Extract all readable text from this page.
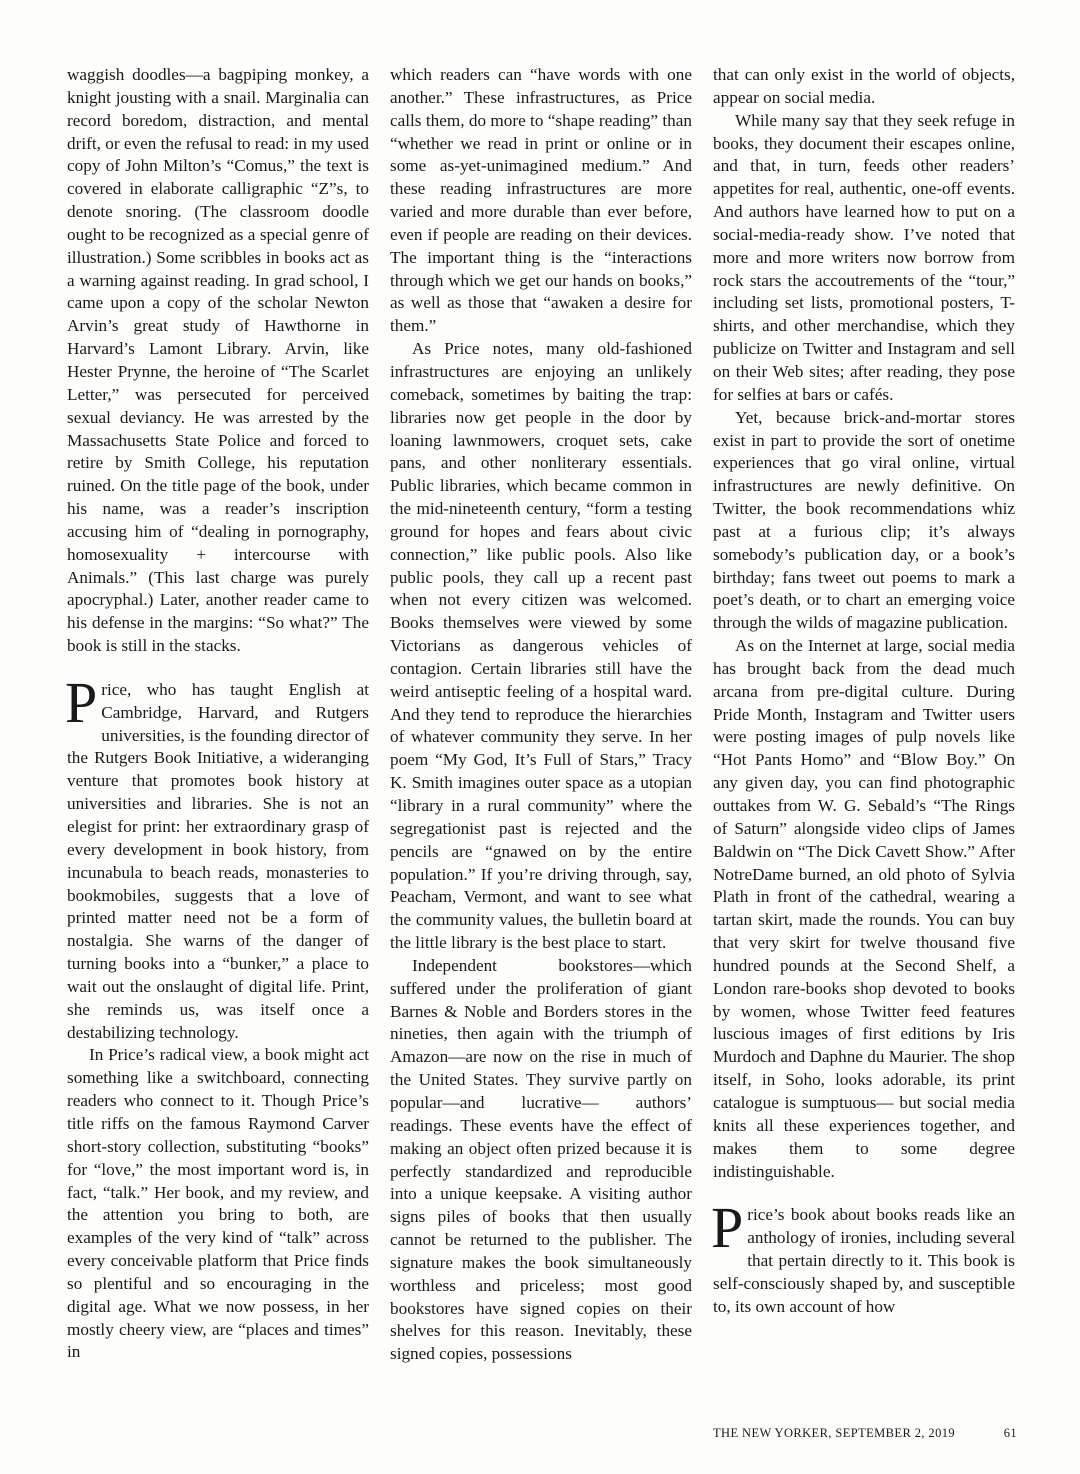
waggish doodles—a bagpiping monkey, a knight jousting with a snail. Marginalia can record boredom, distraction, and mental drift, or even the refusal to read: in my used copy of John Milton’s “Comus,” the text is covered in elaborate calligraphic “Z”s, to denote snoring. (The classroom doodle ought to be recognized as a special genre of illustration.) Some scribbles in books act as a warning against reading. In grad school, I came upon a copy of the scholar Newton Arvin’s great study of Hawthorne in Harvard’s Lamont Library. Arvin, like Hester Prynne, the heroine of “The Scarlet Letter,” was persecuted for perceived sexual deviancy. He was arrested by the Massachusetts State Police and forced to retire by Smith College, his reputation ruined. On the title page of the book, under his name, was a reader’s inscription accusing him of “dealing in pornography, homosexuality + intercourse with Animals.” (This last charge was purely apocryphal.) Later, another reader came to his defense in the margins: “So what?” The book is still in the stacks.

Price, who has taught English at Cambridge, Harvard, and Rutgers universities, is the founding director of the Rutgers Book Initiative, a wideranging venture that promotes book history at universities and libraries. She is not an elegist for print: her extraordinary grasp of every development in book history, from incunabula to beach reads, monasteries to bookmobiles, suggests that a love of printed matter need not be a form of nostalgia. She warns of the danger of turning books into a “bunker,” a place to wait out the onslaught of digital life. Print, she reminds us, was itself once a destabilizing technology.

In Price’s radical view, a book might act something like a switchboard, connecting readers who connect to it. Though Price’s title riffs on the famous Raymond Carver short-story collection, substituting “books” for “love,” the most important word is, in fact, “talk.” Her book, and my review, and the attention you bring to both, are examples of the very kind of “talk” across every conceivable platform that Price finds so plentiful and so encouraging in the digital age. What we now possess, in her mostly cheery view, are “places and times” in

which readers can “have words with one another.” These infrastructures, as Price calls them, do more to “shape reading” than “whether we read in print or online or in some as-yet-unimagined medium.” And these reading infrastructures are more varied and more durable than ever before, even if people are reading on their devices. The important thing is the “interactions through which we get our hands on books,” as well as those that “awaken a desire for them.”

As Price notes, many old-fashioned infrastructures are enjoying an unlikely comeback, sometimes by baiting the trap: libraries now get people in the door by loaning lawnmowers, croquet sets, cake pans, and other nonliterary essentials. Public libraries, which became common in the mid-nineteenth century, “form a testing ground for hopes and fears about civic connection,” like public pools. Also like public pools, they call up a recent past when not every citizen was welcomed. Books themselves were viewed by some Victorians as dangerous vehicles of contagion. Certain libraries still have the weird antiseptic feeling of a hospital ward. And they tend to reproduce the hierarchies of whatever community they serve. In her poem “My God, It’s Full of Stars,” Tracy K. Smith imagines outer space as a utopian “library in a rural community” where the segregationist past is rejected and the pencils are “gnawed on by the entire population.” If you’re driving through, say, Peacham, Vermont, and want to see what the community values, the bulletin board at the little library is the best place to start.

Independent bookstores—which suffered under the proliferation of giant Barnes & Noble and Borders stores in the nineties, then again with the triumph of Amazon—are now on the rise in much of the United States. They survive partly on popular—and lucrative— authors’ readings. These events have the effect of making an object often prized because it is perfectly standardized and reproducible into a unique keepsake. A visiting author signs piles of books that then usually cannot be returned to the publisher. The signature makes the book simultaneously worthless and priceless; most good bookstores have signed copies on their shelves for this reason. Inevitably, these signed copies, possessions

that can only exist in the world of objects, appear on social media.

While many say that they seek refuge in books, they document their escapes online, and that, in turn, feeds other readers’ appetites for real, authentic, one-off events. And authors have learned how to put on a social-media-ready show. I’ve noted that more and more writers now borrow from rock stars the accoutrements of the “tour,” including set lists, promotional posters, T-shirts, and other merchandise, which they publicize on Twitter and Instagram and sell on their Web sites; after reading, they pose for selfies at bars or cafés.

Yet, because brick-and-mortar stores exist in part to provide the sort of onetime experiences that go viral online, virtual infrastructures are newly definitive. On Twitter, the book recommendations whiz past at a furious clip; it’s always somebody’s publication day, or a book’s birthday; fans tweet out poems to mark a poet’s death, or to chart an emerging voice through the wilds of magazine publication.

As on the Internet at large, social media has brought back from the dead much arcana from pre-digital culture. During Pride Month, Instagram and Twitter users were posting images of pulp novels like “Hot Pants Homo” and “Blow Boy.” On any given day, you can find photographic outtakes from W. G. Sebald’s “The Rings of Saturn” alongside video clips of James Baldwin on “The Dick Cavett Show.” After NotreDame burned, an old photo of Sylvia Plath in front of the cathedral, wearing a tartan skirt, made the rounds. You can buy that very skirt for twelve thousand five hundred pounds at the Second Shelf, a London rare-books shop devoted to books by women, whose Twitter feed features luscious images of first editions by Iris Murdoch and Daphne du Maurier. The shop itself, in Soho, looks adorable, its print catalogue is sumptuous— but social media knits all these experiences together, and makes them to some degree indistinguishable.

Price’s book about books reads like an anthology of ironies, including several that pertain directly to it. This book is self-consciously shaped by, and susceptible to, its own account of how

THE NEW YORKER, SEPTEMBER 2, 2019	61
